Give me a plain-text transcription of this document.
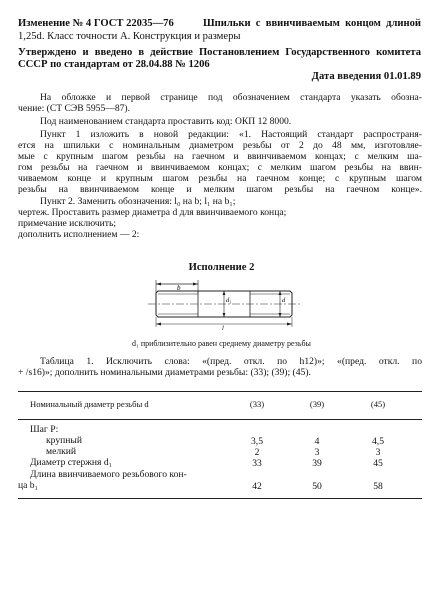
Изменение № 4 ГОСТ 22035—76	Шпильки с ввинчиваемым концом длиной
1,25d. Класс точности А. Конструкция и размеры
Утверждено и введено в действие Постановлением Государственного комитета
СССР по стандартам от 28.04.88 № 1206
Дата введения 01.01.89
На обложке и первой странице под обозначением стандарта указать обозна-
чение: (СТ СЭВ 5955—87).
Под наименованием стандарта проставить код: ОКП 12 8000.
Пункт 1 изложить в новой редакции: «1. Настоящий стандарт распространя-
ется на шпильки с номинальным диаметром резьбы от 2 до 48 мм, изготовляе-
мые с крупным шагом резьбы на гаечном и ввинчиваемом концах; с мелким ша-
гом резьбы на гаечном и ввинчиваемом концах; с мелким шагом резьбы на ввин-
чиваемом конце и крупным шагом резьбы на гаечном конце; с крупным шагом
резьбы на ввинчиваемом конце и мелким шагом резьбы на гаечном конце».
Пункт 2. Заменить обозначения: l₀ на b; l₁ на b₁;
чертеж. Проставить размер диаметра d для ввинчиваемого конца;
примечание исключить;
дополнить исполнением — 2:
Исполнение 2
b
d₁	d
l
d₁ приблизительно равен среднему диаметру резьбы
Таблица 1. Исключить слова: «(пред. откл. по h12)»; «(пред. откл. по
+ /s16)»; дополнить номинальными диаметрами резьбы: (33); (39); (45).
Номинальный диаметр резьбы d	(33)	(39)	(45)
Шаг P:
крупный	3,5	4	4,5
мелкий	2	3	3
Диаметр стержня d₁	33	39	45
Длина ввинчиваемого резьбового кон-
ца b₁	42	50	58
